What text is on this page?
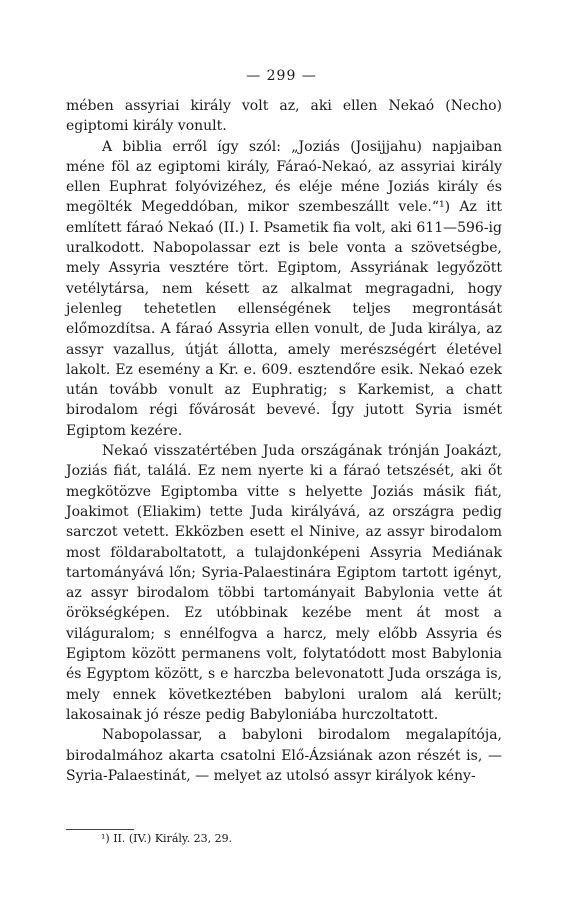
— 299 —

mében assyriai király volt az, aki ellen Nekaó (Necho) egiptomi király vonult.

A biblia erről így szól: „Joziás (Josijjahu) napjaiban méne föl az egiptomi király, Fáraó-Nekaó, az assyriai király ellen Euphrat folyóvizéhez, és eléje méne Joziás király és megölték Megeddóban, mikor szembeszállt vele.“¹) Az itt említett fáraó Nekaó (II.) I. Psametik fia volt, aki 611—596-ig uralkodott. Nabopolassar ezt is bele vonta a szövetségbe, mely Assyria vesztére tört. Egiptom, Assyriának legyőzött vetélytársa, nem késett az alkalmat megragadni, hogy jelenleg tehetetlen ellenségének teljes megrontását előmozdítsa. A fáraó Assyria ellen vonult, de Juda királya, az assyr vazallus, útját állotta, amely merészségért életével lakolt. Ez esemény a Kr. e. 609. esztendőre esik. Nekaó ezek után tovább vonult az Euphratig; s Karkemist, a chatt birodalom régi fővárosát bevevé. Így jutott Syria ismét Egiptom kezére.

Nekaó visszatértében Juda országának trónján Joakázt, Joziás fiát, találá. Ez nem nyerte ki a fáraó tetszését, aki őt megkötözve Egiptomba vitte s helyette Joziás másik fiát, Joakimot (Eliakim) tette Juda királyává, az országra pedig sarczot vetett. Ekközben esett el Ninive, az assyr birodalom most földaraboltatott, a tulajdonképeni Assyria Mediának tartományává lőn; Syria-Palaestinára Egiptom tartott igényt, az assyr birodalom többi tartományait Babylonia vette át örökségképen. Ez utóbbinak kezébe ment át most a világuralom; s ennélfogva a harcz, mely előbb Assyria és Egiptom között permanens volt, folytatódott most Babylonia és Egyptom között, s e harczba belevonatott Juda országa is, mely ennek következtében babyloni uralom alá került; lakosainak jó része pedig Babyloniába hurczoltatott.

Nabopolassar, a babyloni birodalom megalapítója, birodalmához akarta csatolni Elő-Ázsiának azon részét is, — Syria-Palaestinát, — melyet az utolsó assyr királyok kény-

¹) II. (IV.) Király. 23, 29.
